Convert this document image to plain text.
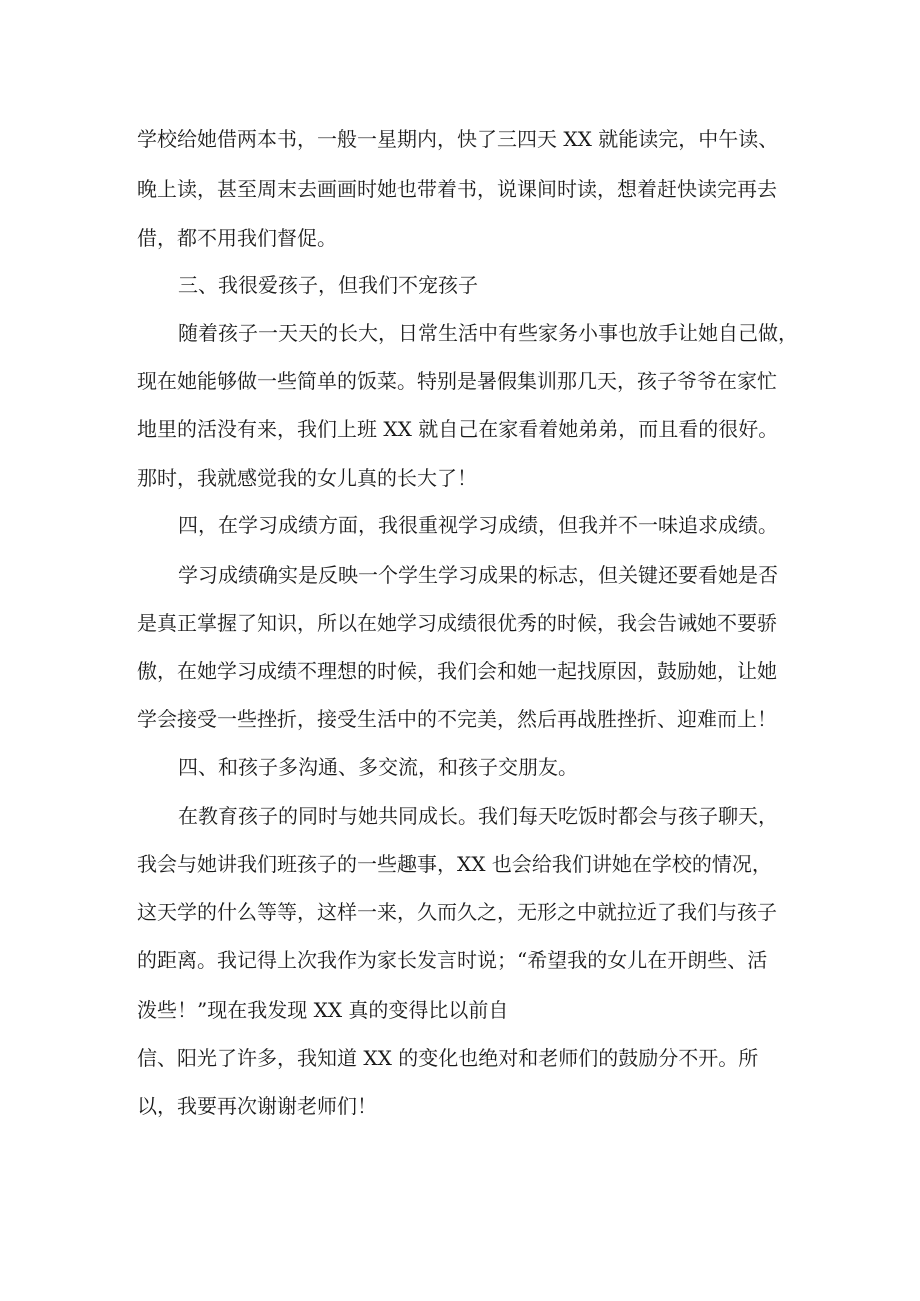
学校给她借两本书，一般一星期内，快了三四天 XX 就能读完，中午读、
晚上读，甚至周末去画画时她也带着书，说课间时读，想着赶快读完再去
借，都不用我们督促。
三、我很爱孩子，但我们不宠孩子
随着孩子一天天的长大，日常生活中有些家务小事也放手让她自己做，
现在她能够做一些简单的饭菜。特别是暑假集训那几天，孩子爷爷在家忙
地里的活没有来，我们上班 XX 就自己在家看着她弟弟，而且看的很好。
那时，我就感觉我的女儿真的长大了！
四，在学习成绩方面，我很重视学习成绩，但我并不一味追求成绩。
学习成绩确实是反映一个学生学习成果的标志，但关键还要看她是否
是真正掌握了知识，所以在她学习成绩很优秀的时候，我会告诫她不要骄
傲，在她学习成绩不理想的时候，我们会和她一起找原因，鼓励她，让她
学会接受一些挫折，接受生活中的不完美，然后再战胜挫折、迎难而上！
四、和孩子多沟通、多交流，和孩子交朋友。
在教育孩子的同时与她共同成长。我们每天吃饭时都会与孩子聊天，
我会与她讲我们班孩子的一些趣事，XX 也会给我们讲她在学校的情况，
这天学的什么等等，这样一来，久而久之，无形之中就拉近了我们与孩子
的距离。我记得上次我作为家长发言时说；“希望我的女儿在开朗些、活
泼些！”现在我发现 XX 真的变得比以前自
信、阳光了许多，我知道 XX 的变化也绝对和老师们的鼓励分不开。所
以，我要再次谢谢老师们！
